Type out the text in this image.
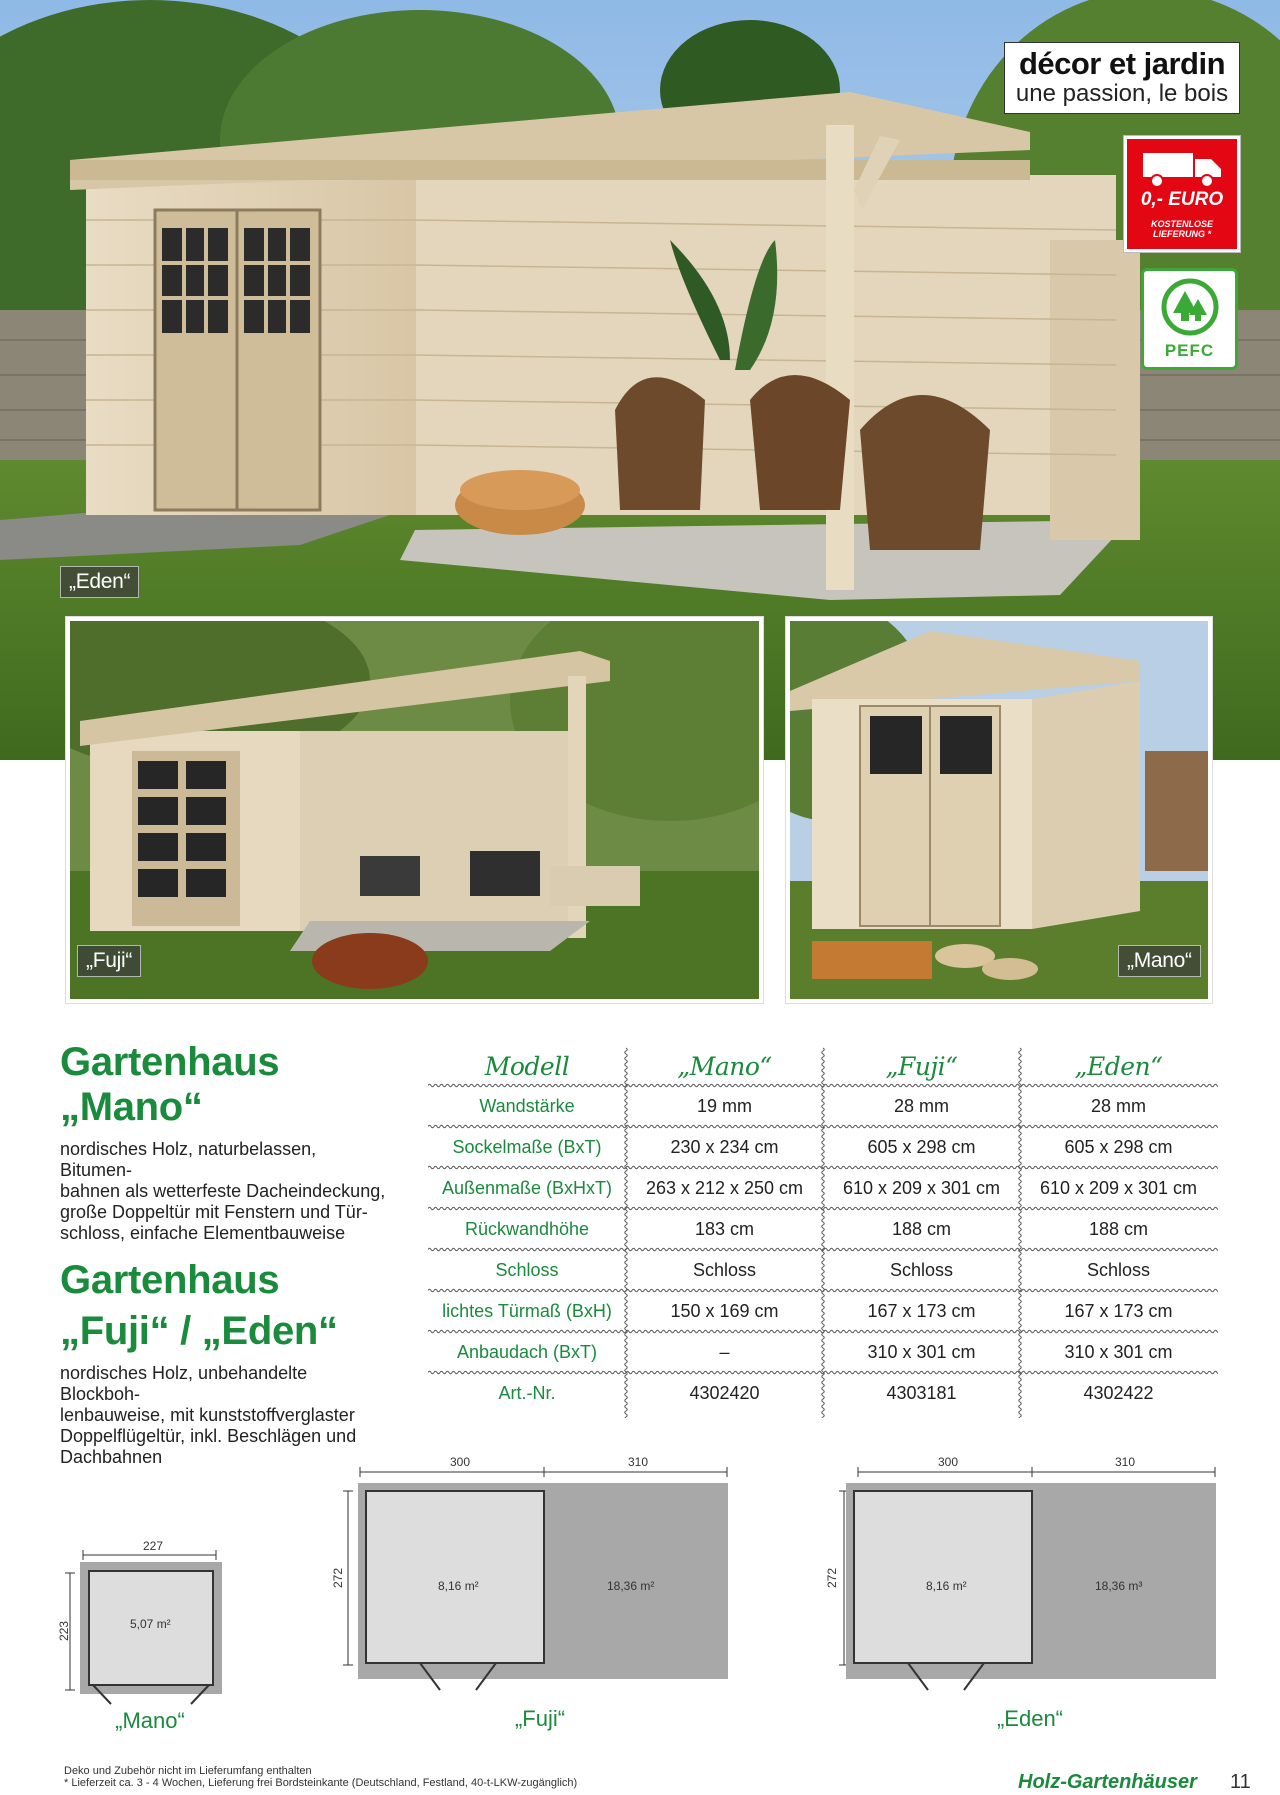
„Eden“
décor et jardin
une passion, le bois
0,- EURO
KOSTENLOSE
LIEFERUNG *
PEFC
„Fuji“	„Mano“
Gartenhaus
„Mano“
nordisches Holz, naturbelassen, Bitumen-
bahnen als wetterfeste Dacheindeckung,
große Doppeltür mit Fenstern und Tür-
schloss, einfache Elementbauweise
Gartenhaus
„Fuji“ / „Eden“
nordisches Holz, unbehandelte Blockboh-
lenbauweise, mit kunststoffverglaster
Doppelflügeltür, inkl. Beschlägen und
Dachbahnen
Modell	„Mano“	„Fuji“	„Eden“
Wandstärke	19 mm	28 mm	28 mm
Sockelmaße (BxT)	230 x 234 cm	605 x 298 cm	605 x 298 cm
Außenmaße (BxHxT)	263 x 212 x 250 cm	610 x 209 x 301 cm	610 x 209 x 301 cm
Rückwandhöhe	183 cm	188 cm	188 cm
Schloss	Schloss	Schloss	Schloss
lichtes Türmaß (BxH)	150 x 169 cm	167 x 173 cm	167 x 173 cm
Anbaudach (BxT)	–	310 x 301 cm	310 x 301 cm
Art.-Nr.	4302420	4303181	4302422
227
223	5,07 m²
„Mano“
300	310
272	8,16 m²	18,36 m²
„Fuji“
300	310
272	8,16 m²	18,36 m³
„Eden“
Deko und Zubehör nicht im Lieferumfang enthalten
* Lieferzeit ca. 3 - 4 Wochen, Lieferung frei Bordsteinkante (Deutschland, Festland, 40-t-LKW-zugänglich)	Holz-Gartenhäuser 11
